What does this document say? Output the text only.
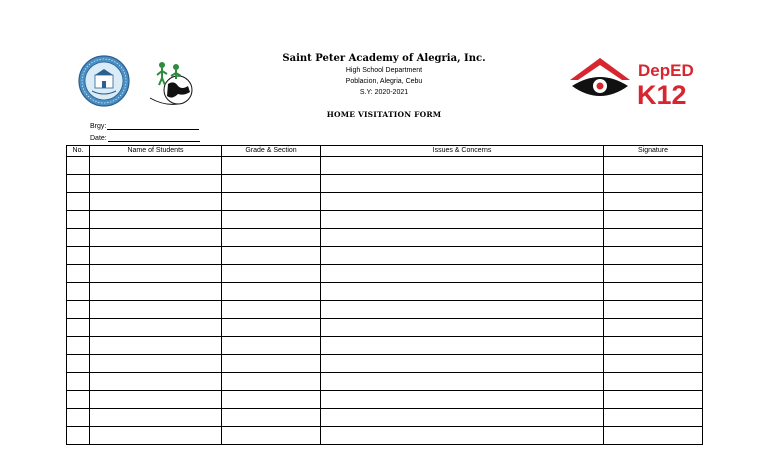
Saint Peter Academy of Alegria, Inc.
High School Department
Poblacion, Alegria, Cebu
S.Y: 2020-2021
HOME VISITATION FORM
DepED
K12
Brgy:
Date:
No.	Name of Students	Grade & Section	Issues & Concerns	Signature
